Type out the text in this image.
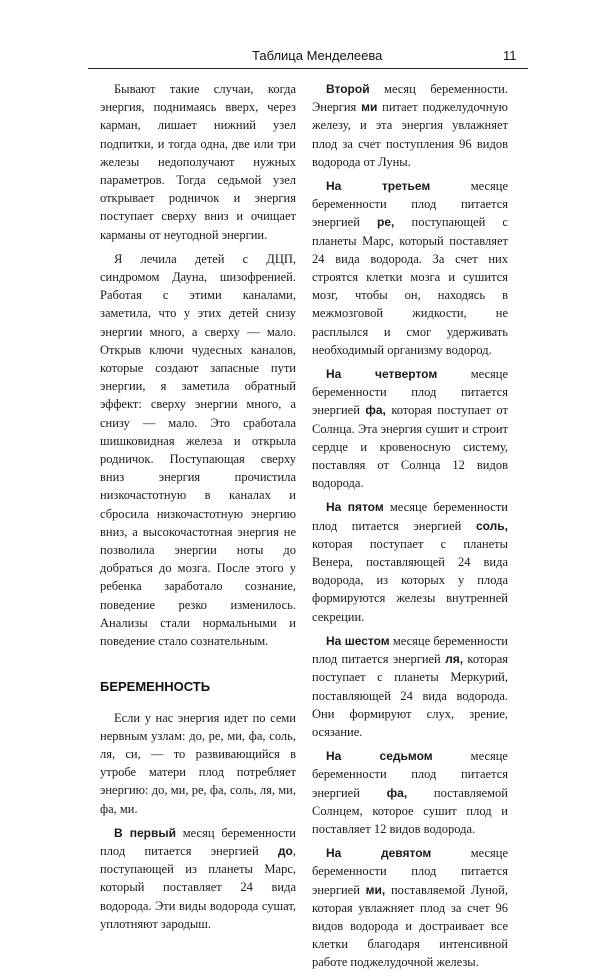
Таблица Менделеева	11

Бывают такие случаи, когда энергия, поднимаясь вверх, через карман, лишает нижний узел подпитки, и тогда одна, две или три железы недополучают нужных параметров. Тогда седьмой узел открывает родничок и энергия поступает сверху вниз и очищает карманы от неугодной энергии.

Я лечила детей с ДЦП, синдромом Дауна, шизофренией. Работая с этими каналами, заметила, что у этих детей снизу энергии много, а сверху — мало. Открыв ключи чудесных каналов, которые создают запасные пути энергии, я заметила обратный эффект: сверху энергии много, а снизу — мало. Это сработала шишковидная железа и открыла родничок. Поступающая сверху вниз энергия прочистила низкочастотную в каналах и сбросила низкочастотную энергию вниз, а высокочастотная энергия не позволила энергии ноты до добраться до мозга. После этого у ребенка заработало сознание, поведение резко изменилось. Анализы стали нормальными и поведение стало сознательным.

БЕРЕМЕННОСТЬ

Если у нас энергия идет по семи нервным узлам: до, ре, ми, фа, соль, ля, си, — то развивающийся в утробе матери плод потребляет энергию: до, ми, ре, фа, соль, ля, ми, фа, ми.

В первый месяц беременности плод питается энергией до, поступающей из планеты Марс, который поставляет 24 вида водорода. Эти виды водорода сушат, уплотняют зародыш.

Второй месяц беременности. Энергия ми питает поджелудочную железу, и эта энергия увлажняет плод за счет поступления 96 видов водорода от Луны.

На третьем месяце беременности плод питается энергией ре, поступающей с планеты Марс, который поставляет 24 вида водорода. За счет них строятся клетки мозга и сушится мозг, чтобы он, находясь в межмозговой жидкости, не расплылся и смог удерживать необходимый организму водород.

На четвертом месяце беременности плод питается энергией фа, которая поступает от Солнца. Эта энергия сушит и строит сердце и кровеносную систему, поставляя от Солнца 12 видов водорода.

На пятом месяце беременности плод питается энергией соль, которая поступает с планеты Венера, поставляющей 24 вида водорода, из которых у плода формируются железы внутренней секреции.

На шестом месяце беременности плод питается энергией ля, которая поступает с планеты Меркурий, поставляющей 24 вида водорода. Они формируют слух, зрение, осязание.

На седьмом месяце беременности плод питается энергией фа, поставляемой Солнцем, которое сушит плод и поставляет 12 видов водорода.

На девятом месяце беременности плод питается энергией ми, поставляемой Луной, которая увлажняет плод за счет 96 видов водорода и достраивает все клетки благодаря интенсивной работе поджелудочной железы.
